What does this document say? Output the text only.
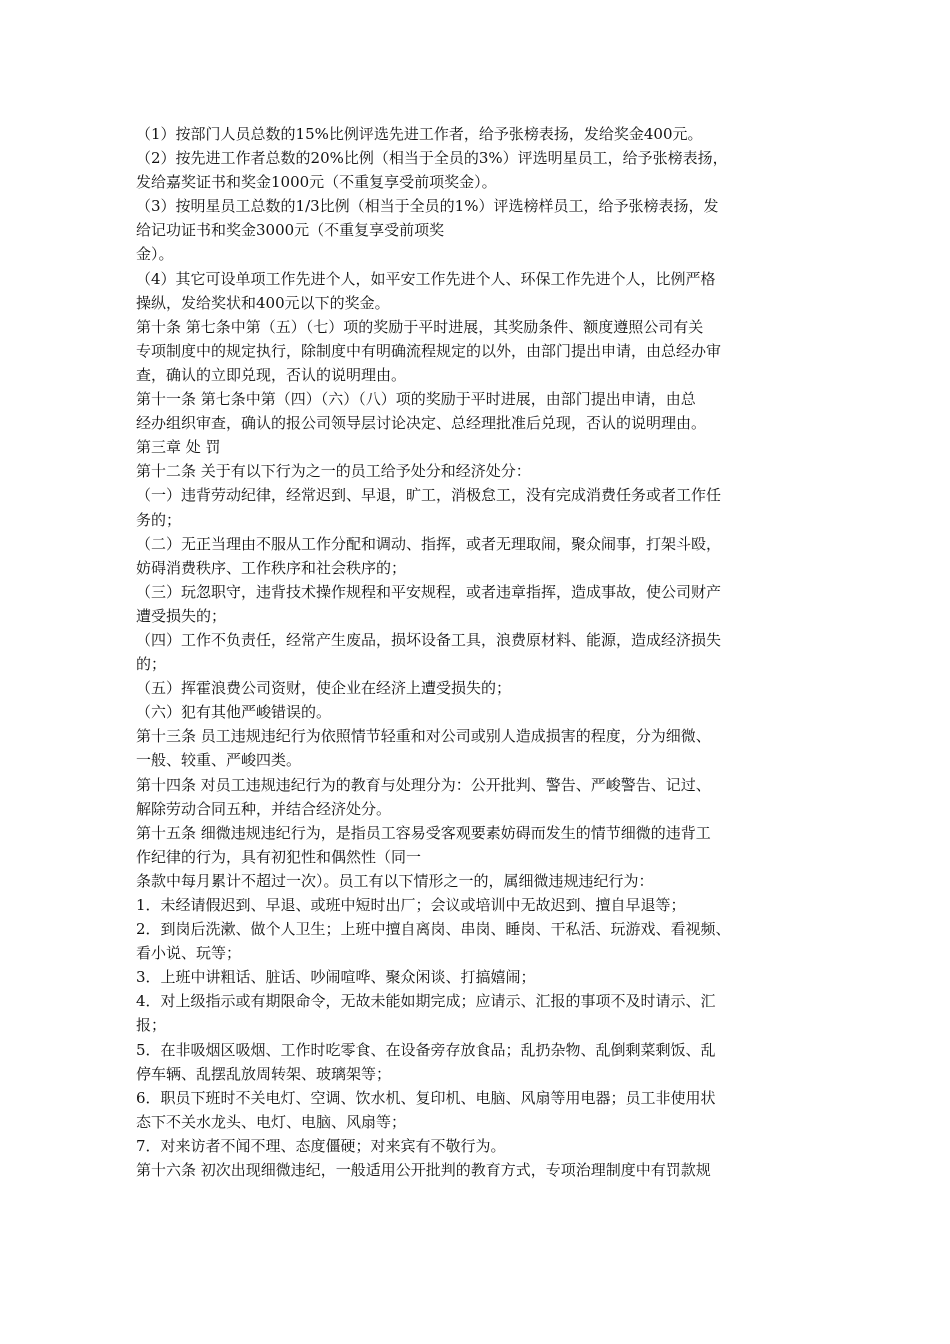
（1）按部门人员总数的15%比例评选先进工作者，给予张榜表扬，发给奖金400元。
（2）按先进工作者总数的20%比例（相当于全员的3%）评选明星员工，给予张榜表扬，
发给嘉奖证书和奖金1000元（不重复享受前项奖金）。
（3）按明星员工总数的1/3比例（相当于全员的1%）评选榜样员工，给予张榜表扬，发
给记功证书和奖金3000元（不重复享受前项奖
金）。
（4）其它可设单项工作先进个人，如平安工作先进个人、环保工作先进个人，比例严格
操纵，发给奖状和400元以下的奖金。
第十条 第七条中第（五）（七）项的奖励于平时进展，其奖励条件、额度遵照公司有关
专项制度中的规定执行，除制度中有明确流程规定的以外，由部门提出申请，由总经办审
查，确认的立即兑现，否认的说明理由。
第十一条 第七条中第（四）（六）（八）项的奖励于平时进展，由部门提出申请，由总
经办组织审查，确认的报公司领导层讨论决定、总经理批准后兑现，否认的说明理由。
第三章 处 罚
第十二条 关于有以下行为之一的员工给予处分和经济处分：
（一）违背劳动纪律，经常迟到、早退，旷工，消极怠工，没有完成消费任务或者工作任
务的；
（二）无正当理由不服从工作分配和调动、指挥，或者无理取闹，聚众闹事，打架斗殴，
妨碍消费秩序、工作秩序和社会秩序的；
（三）玩忽职守，违背技术操作规程和平安规程，或者违章指挥，造成事故，使公司财产
遭受损失的；
（四）工作不负责任，经常产生废品，损坏设备工具，浪费原材料、能源，造成经济损失
的；
（五）挥霍浪费公司资财，使企业在经济上遭受损失的；
（六）犯有其他严峻错误的。
第十三条 员工违规违纪行为依照情节轻重和对公司或别人造成损害的程度，分为细微、
一般、较重、严峻四类。
第十四条 对员工违规违纪行为的教育与处理分为：公开批判、警告、严峻警告、记过、
解除劳动合同五种，并结合经济处分。
第十五条 细微违规违纪行为，是指员工容易受客观要素妨碍而发生的情节细微的违背工
作纪律的行为，具有初犯性和偶然性（同一
条款中每月累计不超过一次）。员工有以下情形之一的，属细微违规违纪行为：
1．未经请假迟到、早退、或班中短时出厂；会议或培训中无故迟到、擅自早退等；
2．到岗后洗漱、做个人卫生；上班中擅自离岗、串岗、睡岗、干私活、玩游戏、看视频、
看小说、玩等；
3．上班中讲粗话、脏话、吵闹喧哗、聚众闲谈、打搞嬉闹；
4．对上级指示或有期限命令，无故未能如期完成；应请示、汇报的事项不及时请示、汇
报；
5．在非吸烟区吸烟、工作时吃零食、在设备旁存放食品；乱扔杂物、乱倒剩菜剩饭、乱
停车辆、乱摆乱放周转架、玻璃架等；
6．职员下班时不关电灯、空调、饮水机、复印机、电脑、风扇等用电器；员工非使用状
态下不关水龙头、电灯、电脑、风扇等；
7．对来访者不闻不理、态度僵硬；对来宾有不敬行为。
第十六条 初次出现细微违纪，一般适用公开批判的教育方式，专项治理制度中有罚款规
